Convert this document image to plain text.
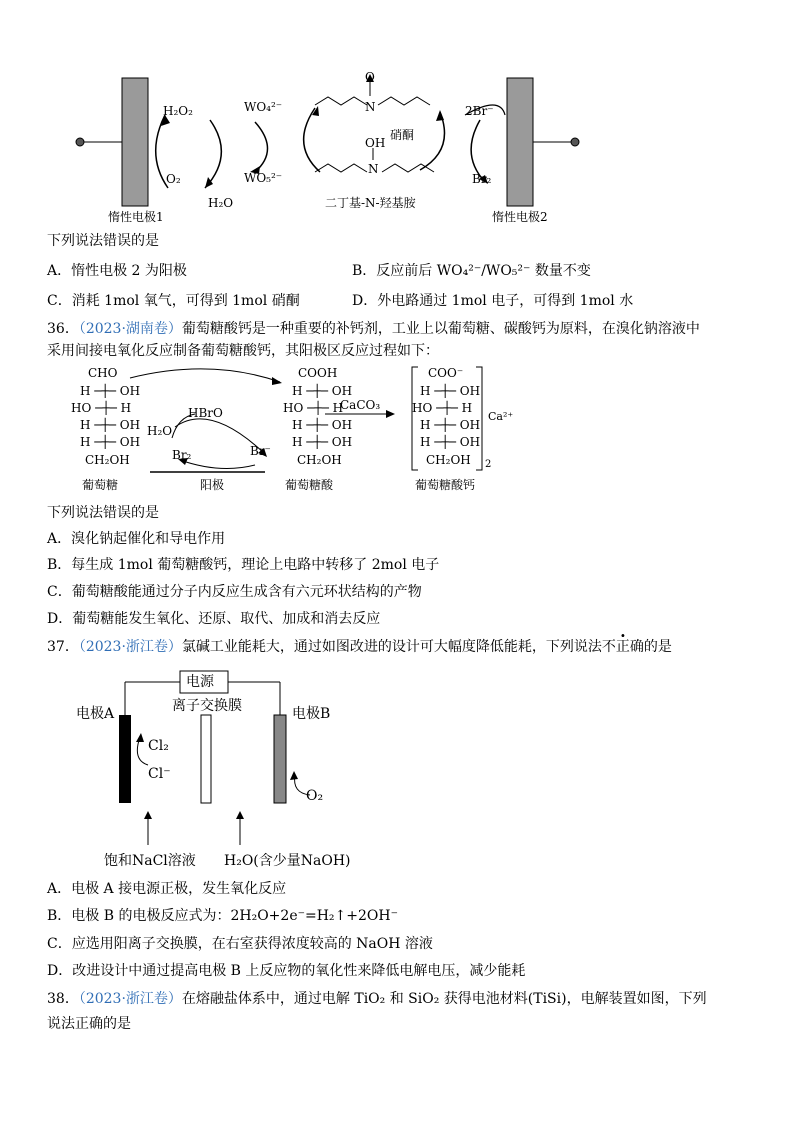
H₂O₂
O₂
H₂O
WO₄²⁻
WO₅²⁻
O
N
硝酮
OH
N
二丁基-N-羟基胺
2Br⁻
Br₂
惰性电极1	惰性电极2
下列说法错误的是
A．惰性电极 2 为阳极	B．反应前后 WO₄²⁻/WO₅²⁻ 数量不变
C．消耗 1mol 氧气，可得到 1mol 硝酮	D．外电路通过 1mol 电子，可得到 1mol 水
36．（2023·湖南卷）葡萄糖酸钙是一种重要的补钙剂，工业上以葡萄糖、碳酸钙为原料，在溴化钠溶液中
采用间接电氧化反应制备葡萄糖酸钙，其阳极区反应过程如下：
CHO
H ─┼─ OH
HO ─┼─ H
H ─┼─ OH
H ─┼─ OH
CH₂OH
葡萄糖
HBrO
H₂O
Br₂	Br⁻
阳极
COOH
H ─┼─ OH
HO ─┼─ H
H ─┼─ OH
H ─┼─ OH
CH₂OH
葡萄糖酸
CaCO₃
COO⁻
H ─┼─ OH
HO ─┼─ H
H ─┼─ OH
H ─┼─ OH
CH₂OH 2
Ca²⁺
葡萄糖酸钙
下列说法错误的是
A．溴化钠起催化和导电作用
B．每生成 1mol 葡萄糖酸钙，理论上电路中转移了 2mol 电子
C．葡萄糖酸能通过分子内反应生成含有六元环状结构的产物
D．葡萄糖能发生氧化、还原、取代、加成和消去反应
37．（2023·浙江卷）氯碱工业能耗大，通过如图改进的设计可大幅度降低能耗，下列说法不正确的是
电源
电极A	电极B
离子交换膜
Cl₂
Cl⁻
O₂
饱和NaCl溶液 H₂O(含少量NaOH)
A．电极 A 接电源正极，发生氧化反应
B．电极 B 的电极反应式为：2H₂O+2e⁻=H₂↑+2OH⁻
C．应选用阳离子交换膜，在右室获得浓度较高的 NaOH 溶液
D．改进设计中通过提高电极 B 上反应物的氧化性来降低电解电压，减少能耗
38．（2023·浙江卷）在熔融盐体系中，通过电解 TiO₂ 和 SiO₂ 获得电池材料(TiSi)，电解装置如图，下列
说法正确的是
